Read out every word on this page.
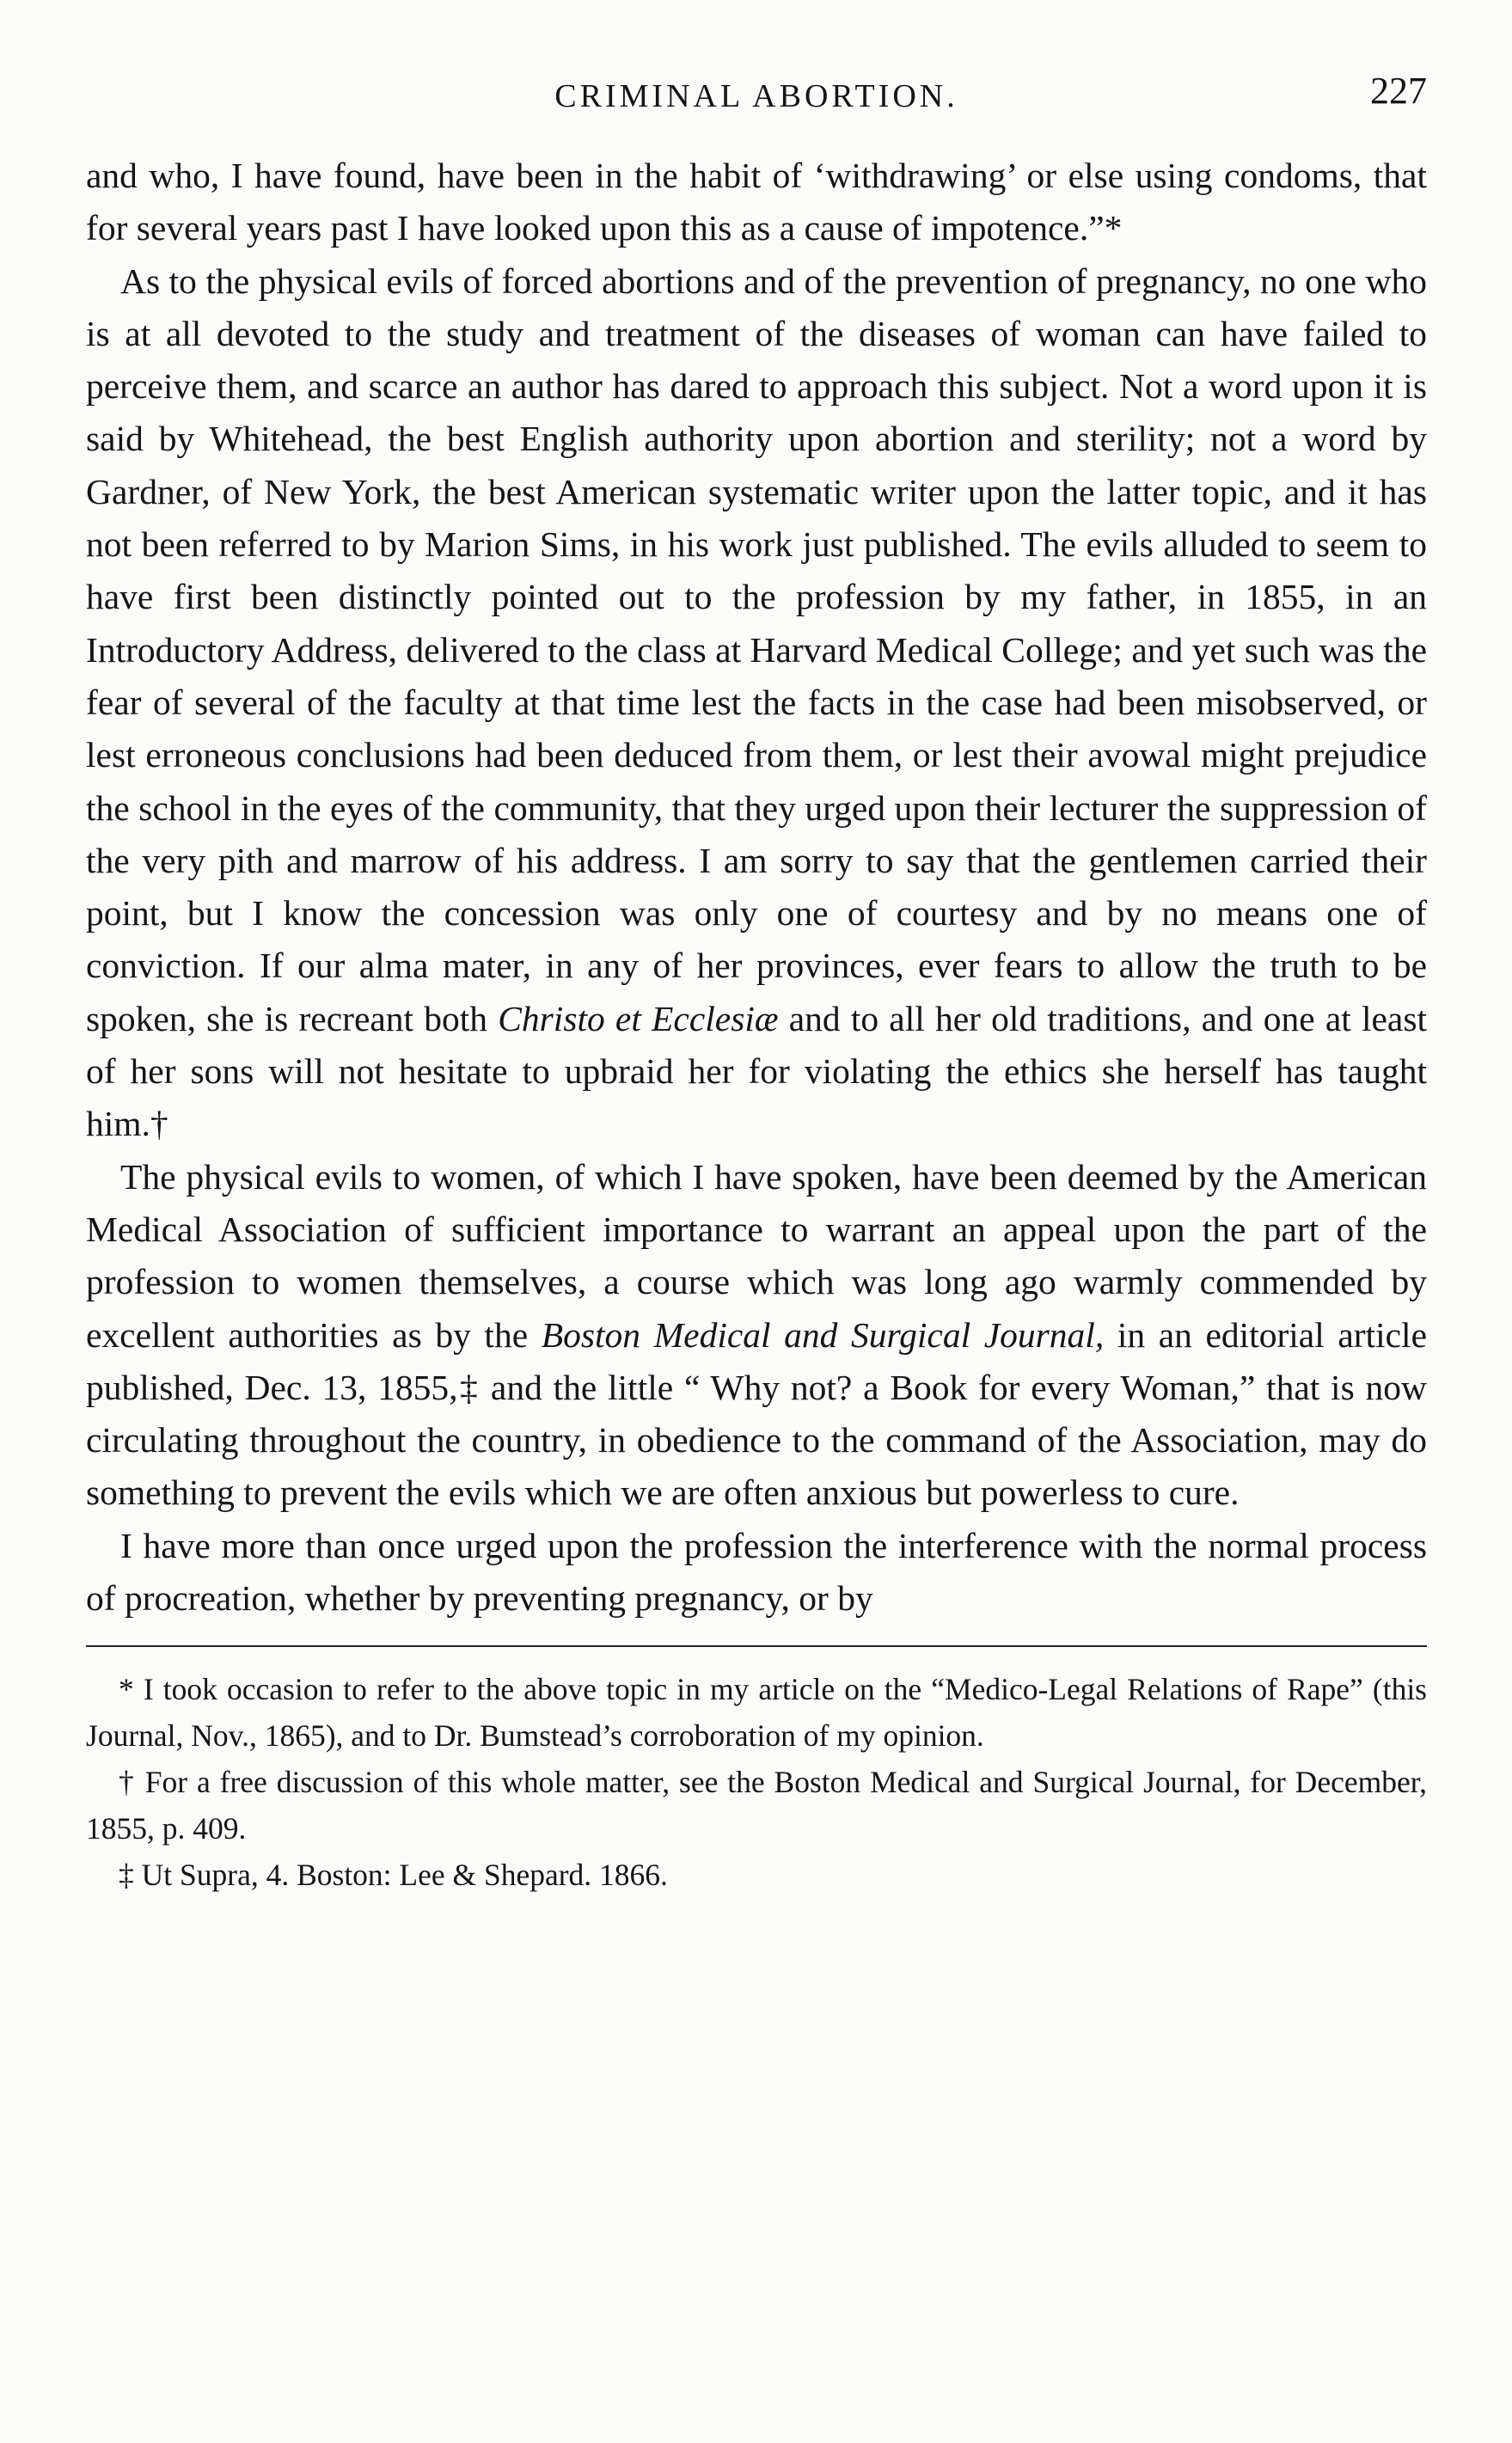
CRIMINAL ABORTION.	227

and who, I have found, have been in the habit of ‘withdrawing’ or else using condoms, that for several years past I have looked upon this as a cause of impotence.”*

As to the physical evils of forced abortions and of the prevention of pregnancy, no one who is at all devoted to the study and treatment of the diseases of woman can have failed to perceive them, and scarce an author has dared to approach this subject. Not a word upon it is said by Whitehead, the best English authority upon abortion and sterility; not a word by Gardner, of New York, the best American systematic writer upon the latter topic, and it has not been referred to by Marion Sims, in his work just published. The evils alluded to seem to have first been distinctly pointed out to the profession by my father, in 1855, in an Introductory Address, delivered to the class at Harvard Medical College; and yet such was the fear of several of the faculty at that time lest the facts in the case had been misobserved, or lest erroneous conclusions had been deduced from them, or lest their avowal might prejudice the school in the eyes of the community, that they urged upon their lecturer the suppression of the very pith and marrow of his address. I am sorry to say that the gentlemen carried their point, but I know the concession was only one of courtesy and by no means one of conviction. If our alma mater, in any of her provinces, ever fears to allow the truth to be spoken, she is recreant both Christo et Ecclesiæ and to all her old traditions, and one at least of her sons will not hesitate to upbraid her for violating the ethics she herself has taught him.†

The physical evils to women, of which I have spoken, have been deemed by the American Medical Association of sufficient importance to warrant an appeal upon the part of the profession to women themselves, a course which was long ago warmly commended by excellent authorities as by the Boston Medical and Surgical Journal, in an editorial article published, Dec. 13, 1855,‡ and the little “ Why not? a Book for every Woman,” that is now circulating throughout the country, in obedience to the command of the Association, may do something to prevent the evils which we are often anxious but powerless to cure.

I have more than once urged upon the profession the interference with the normal process of procreation, whether by preventing pregnancy, or by

* I took occasion to refer to the above topic in my article on the “Medico-Legal Relations of Rape” (this Journal, Nov., 1865), and to Dr. Bumstead’s corroboration of my opinion.

† For a free discussion of this whole matter, see the Boston Medical and Surgical Journal, for December, 1855, p. 409.

‡ Ut Supra, 4. Boston: Lee & Shepard. 1866.
